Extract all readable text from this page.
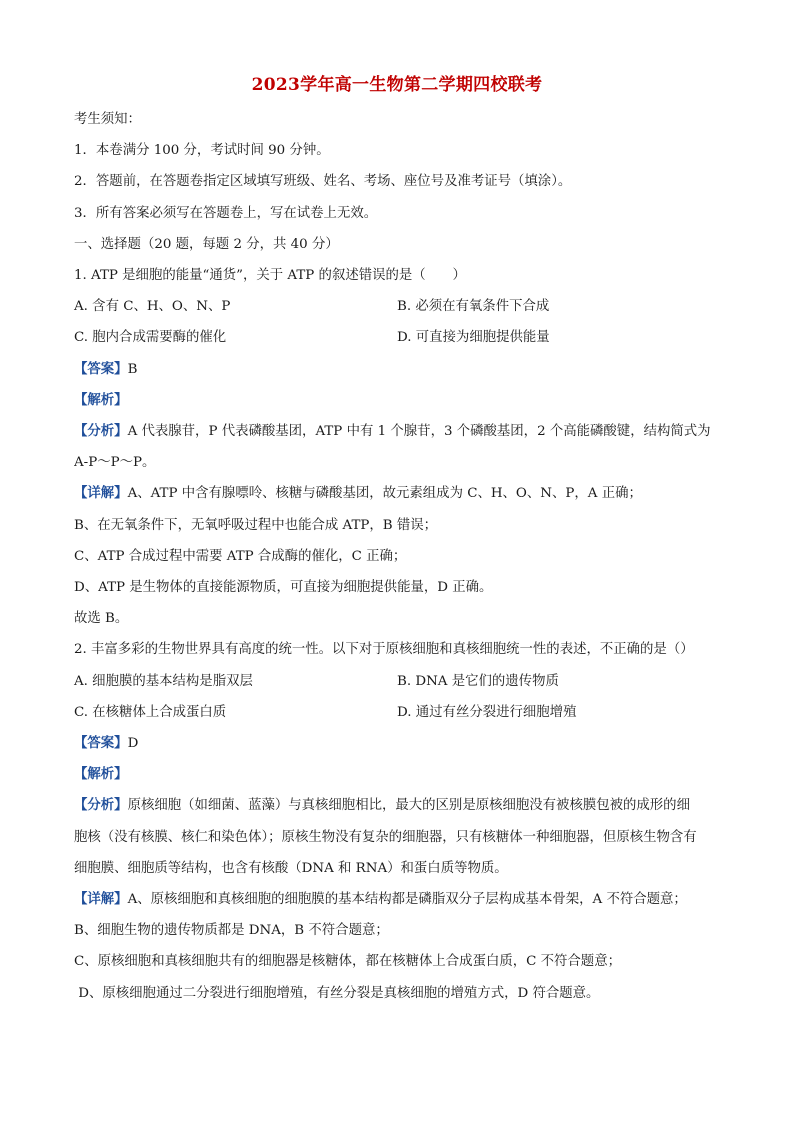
2023学年高一生物第二学期四校联考
考生须知：
1．本卷满分 100 分，考试时间 90 分钟。
2．答题前，在答题卷指定区域填写班级、姓名、考场、座位号及准考证号（填涂）。
3．所有答案必须写在答题卷上，写在试卷上无效。
一、选择题（20 题，每题 2 分，共 40 分）
1. ATP 是细胞的能量“通货”，关于 ATP 的叙述错误的是（　　）
A. 含有 C、H、O、N、P	B. 必须在有氧条件下合成
C. 胞内合成需要酶的催化	D. 可直接为细胞提供能量
【答案】B
【解析】
【分析】A 代表腺苷，P 代表磷酸基团，ATP 中有 1 个腺苷，3 个磷酸基团，2 个高能磷酸键，结构简式为
A-P～P～P。
【详解】A、ATP 中含有腺嘌呤、核糖与磷酸基团，故元素组成为 C、H、O、N、P，A 正确；
B、在无氧条件下，无氧呼吸过程中也能合成 ATP，B 错误；
C、ATP 合成过程中需要 ATP 合成酶的催化，C 正确；
D、ATP 是生物体的直接能源物质，可直接为细胞提供能量，D 正确。
故选 B。
2. 丰富多彩的生物世界具有高度的统一性。以下对于原核细胞和真核细胞统一性的表述，不正确的是（）
A. 细胞膜的基本结构是脂双层	B. DNA 是它们的遗传物质
C. 在核糖体上合成蛋白质	D. 通过有丝分裂进行细胞增殖
【答案】D
【解析】
【分析】原核细胞（如细菌、蓝藻）与真核细胞相比，最大的区别是原核细胞没有被核膜包被的成形的细
胞核（没有核膜、核仁和染色体）；原核生物没有复杂的细胞器，只有核糖体一种细胞器，但原核生物含有
细胞膜、细胞质等结构，也含有核酸（DNA 和 RNA）和蛋白质等物质。
【详解】A、原核细胞和真核细胞的细胞膜的基本结构都是磷脂双分子层构成基本骨架，A 不符合题意；
B、细胞生物的遗传物质都是 DNA，B 不符合题意；
C、原核细胞和真核细胞共有的细胞器是核糖体，都在核糖体上合成蛋白质，C 不符合题意；
D、原核细胞通过二分裂进行细胞增殖，有丝分裂是真核细胞的增殖方式，D 符合题意。
